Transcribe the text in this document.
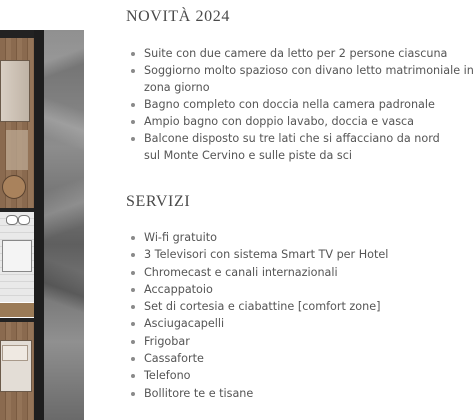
NOVITÀ 2024
Suite con due camere da letto per 2 persone ciascuna
Soggiorno molto spazioso con divano letto matrimoniale in
zona giorno
Bagno completo con doccia nella camera padronale
Ampio bagno con doppio lavabo, doccia e vasca
Balcone disposto su tre lati che si affacciano da nord
sul Monte Cervino e sulle piste da sci
SERVIZI
Wi-fi gratuito
3 Televisori con sistema Smart TV per Hotel
Chromecast e canali internazionali
Accappatoio
Set di cortesia e ciabattine [comfort zone]
Asciugacapelli
Frigobar
Cassaforte
Telefono
Bollitore te e tisane
